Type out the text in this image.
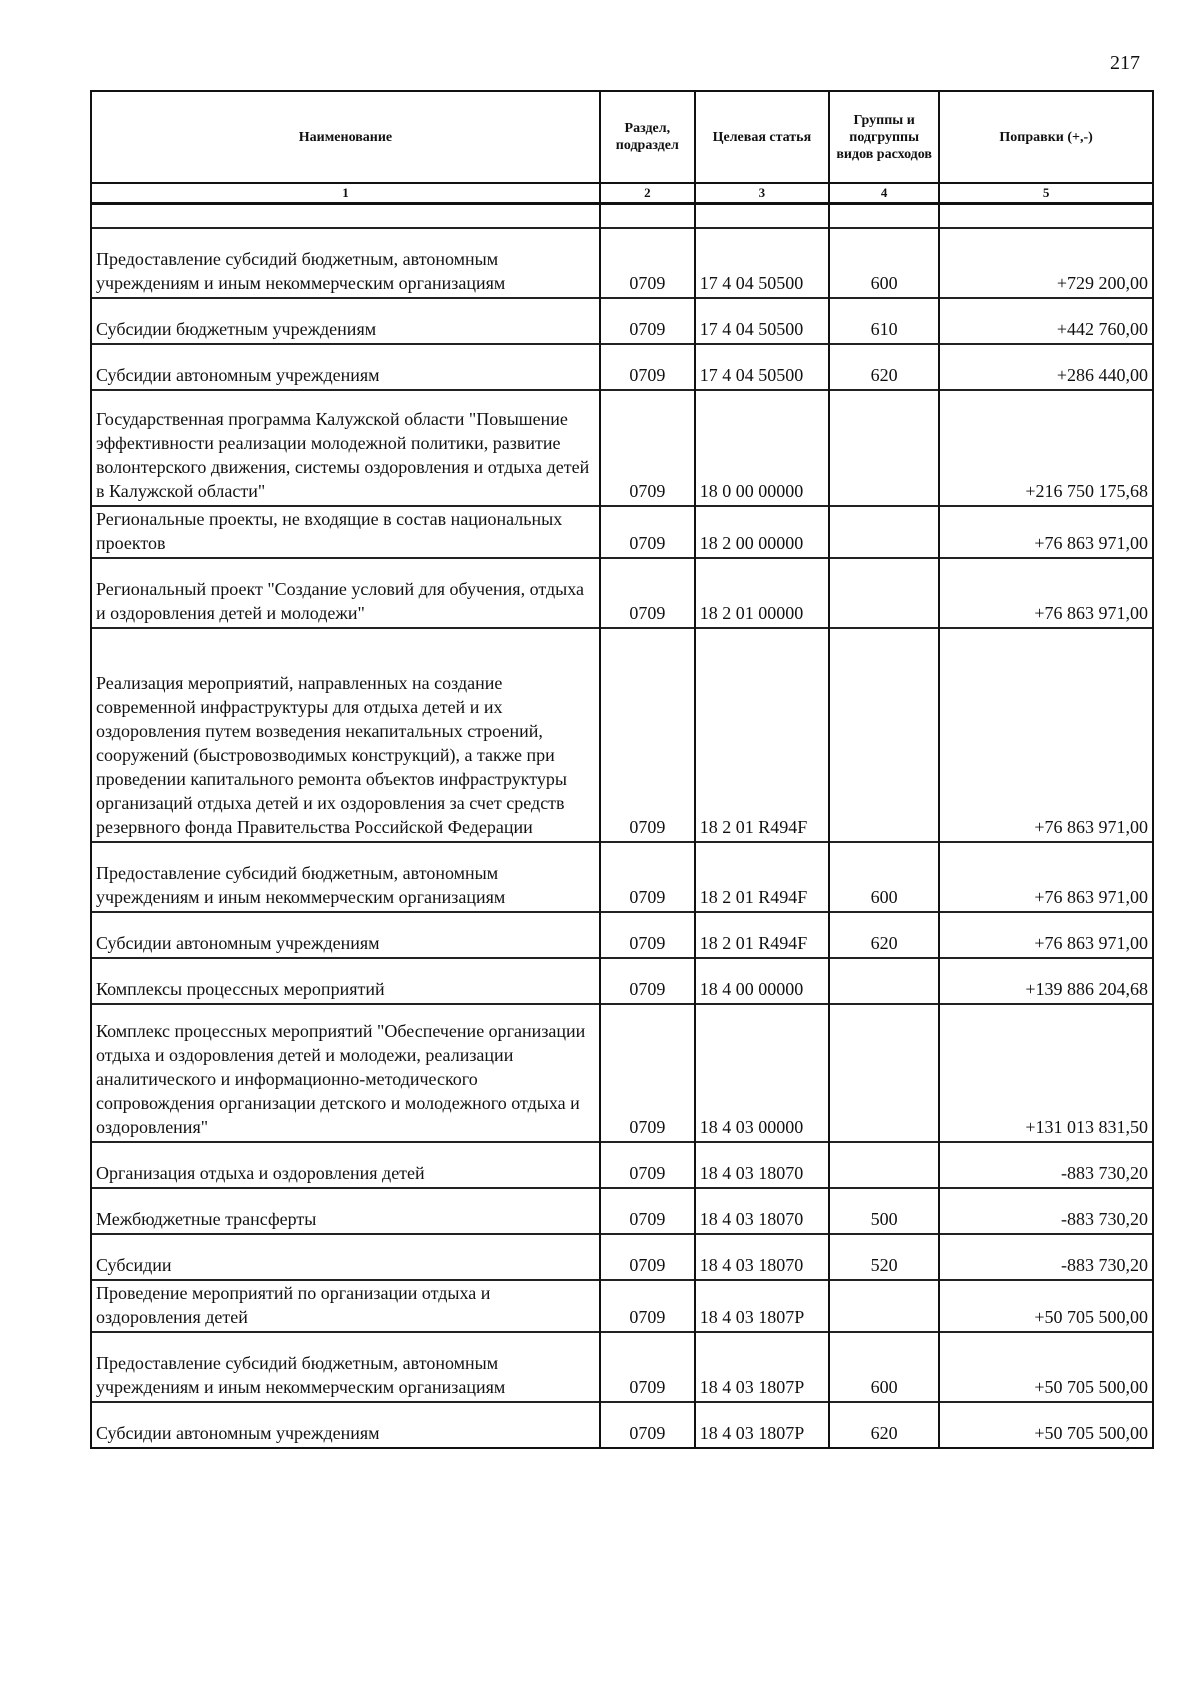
217
Наименование	Раздел, подраздел	Целевая статья	Группы и подгруппы видов расходов	Поправки (+,-)
1	2	3	4	5

Предоставление субсидий бюджетным, автономным учреждениям и иным некоммерческим организациям	0709	17 4 04 50500	600	+729 200,00
Субсидии бюджетным учреждениям	0709	17 4 04 50500	610	+442 760,00
Субсидии автономным учреждениям	0709	17 4 04 50500	620	+286 440,00
Государственная программа Калужской области "Повышение эффективности реализации молодежной политики, развитие волонтерского движения, системы оздоровления и отдыха детей в Калужской области"	0709	18 0 00 00000		+216 750 175,68
Региональные проекты, не входящие в состав национальных проектов	0709	18 2 00 00000		+76 863 971,00
Региональный проект "Создание условий для обучения, отдыха и оздоровления детей и молодежи"	0709	18 2 01 00000		+76 863 971,00
Реализация мероприятий, направленных на создание современной инфраструктуры для отдыха детей и их оздоровления путем возведения некапитальных строений, сооружений (быстровозводимых конструкций), а также при проведении капитального ремонта объектов инфраструктуры организаций отдыха детей и их оздоровления за счет средств резервного фонда Правительства Российской Федерации	0709	18 2 01 R494F		+76 863 971,00
Предоставление субсидий бюджетным, автономным учреждениям и иным некоммерческим организациям	0709	18 2 01 R494F	600	+76 863 971,00
Субсидии автономным учреждениям	0709	18 2 01 R494F	620	+76 863 971,00
Комплексы процессных мероприятий	0709	18 4 00 00000		+139 886 204,68
Комплекс процессных мероприятий "Обеспечение организации отдыха и оздоровления детей и молодежи, реализации аналитического и информационно-методического сопровождения организации детского и молодежного отдыха и оздоровления"	0709	18 4 03 00000		+131 013 831,50
Организация отдыха и оздоровления детей	0709	18 4 03 18070		-883 730,20
Межбюджетные трансферты	0709	18 4 03 18070	500	-883 730,20
Субсидии	0709	18 4 03 18070	520	-883 730,20
Проведение мероприятий по организации отдыха и оздоровления детей	0709	18 4 03 1807Р		+50 705 500,00
Предоставление субсидий бюджетным, автономным учреждениям и иным некоммерческим организациям	0709	18 4 03 1807Р	600	+50 705 500,00
Субсидии автономным учреждениям	0709	18 4 03 1807Р	620	+50 705 500,00
